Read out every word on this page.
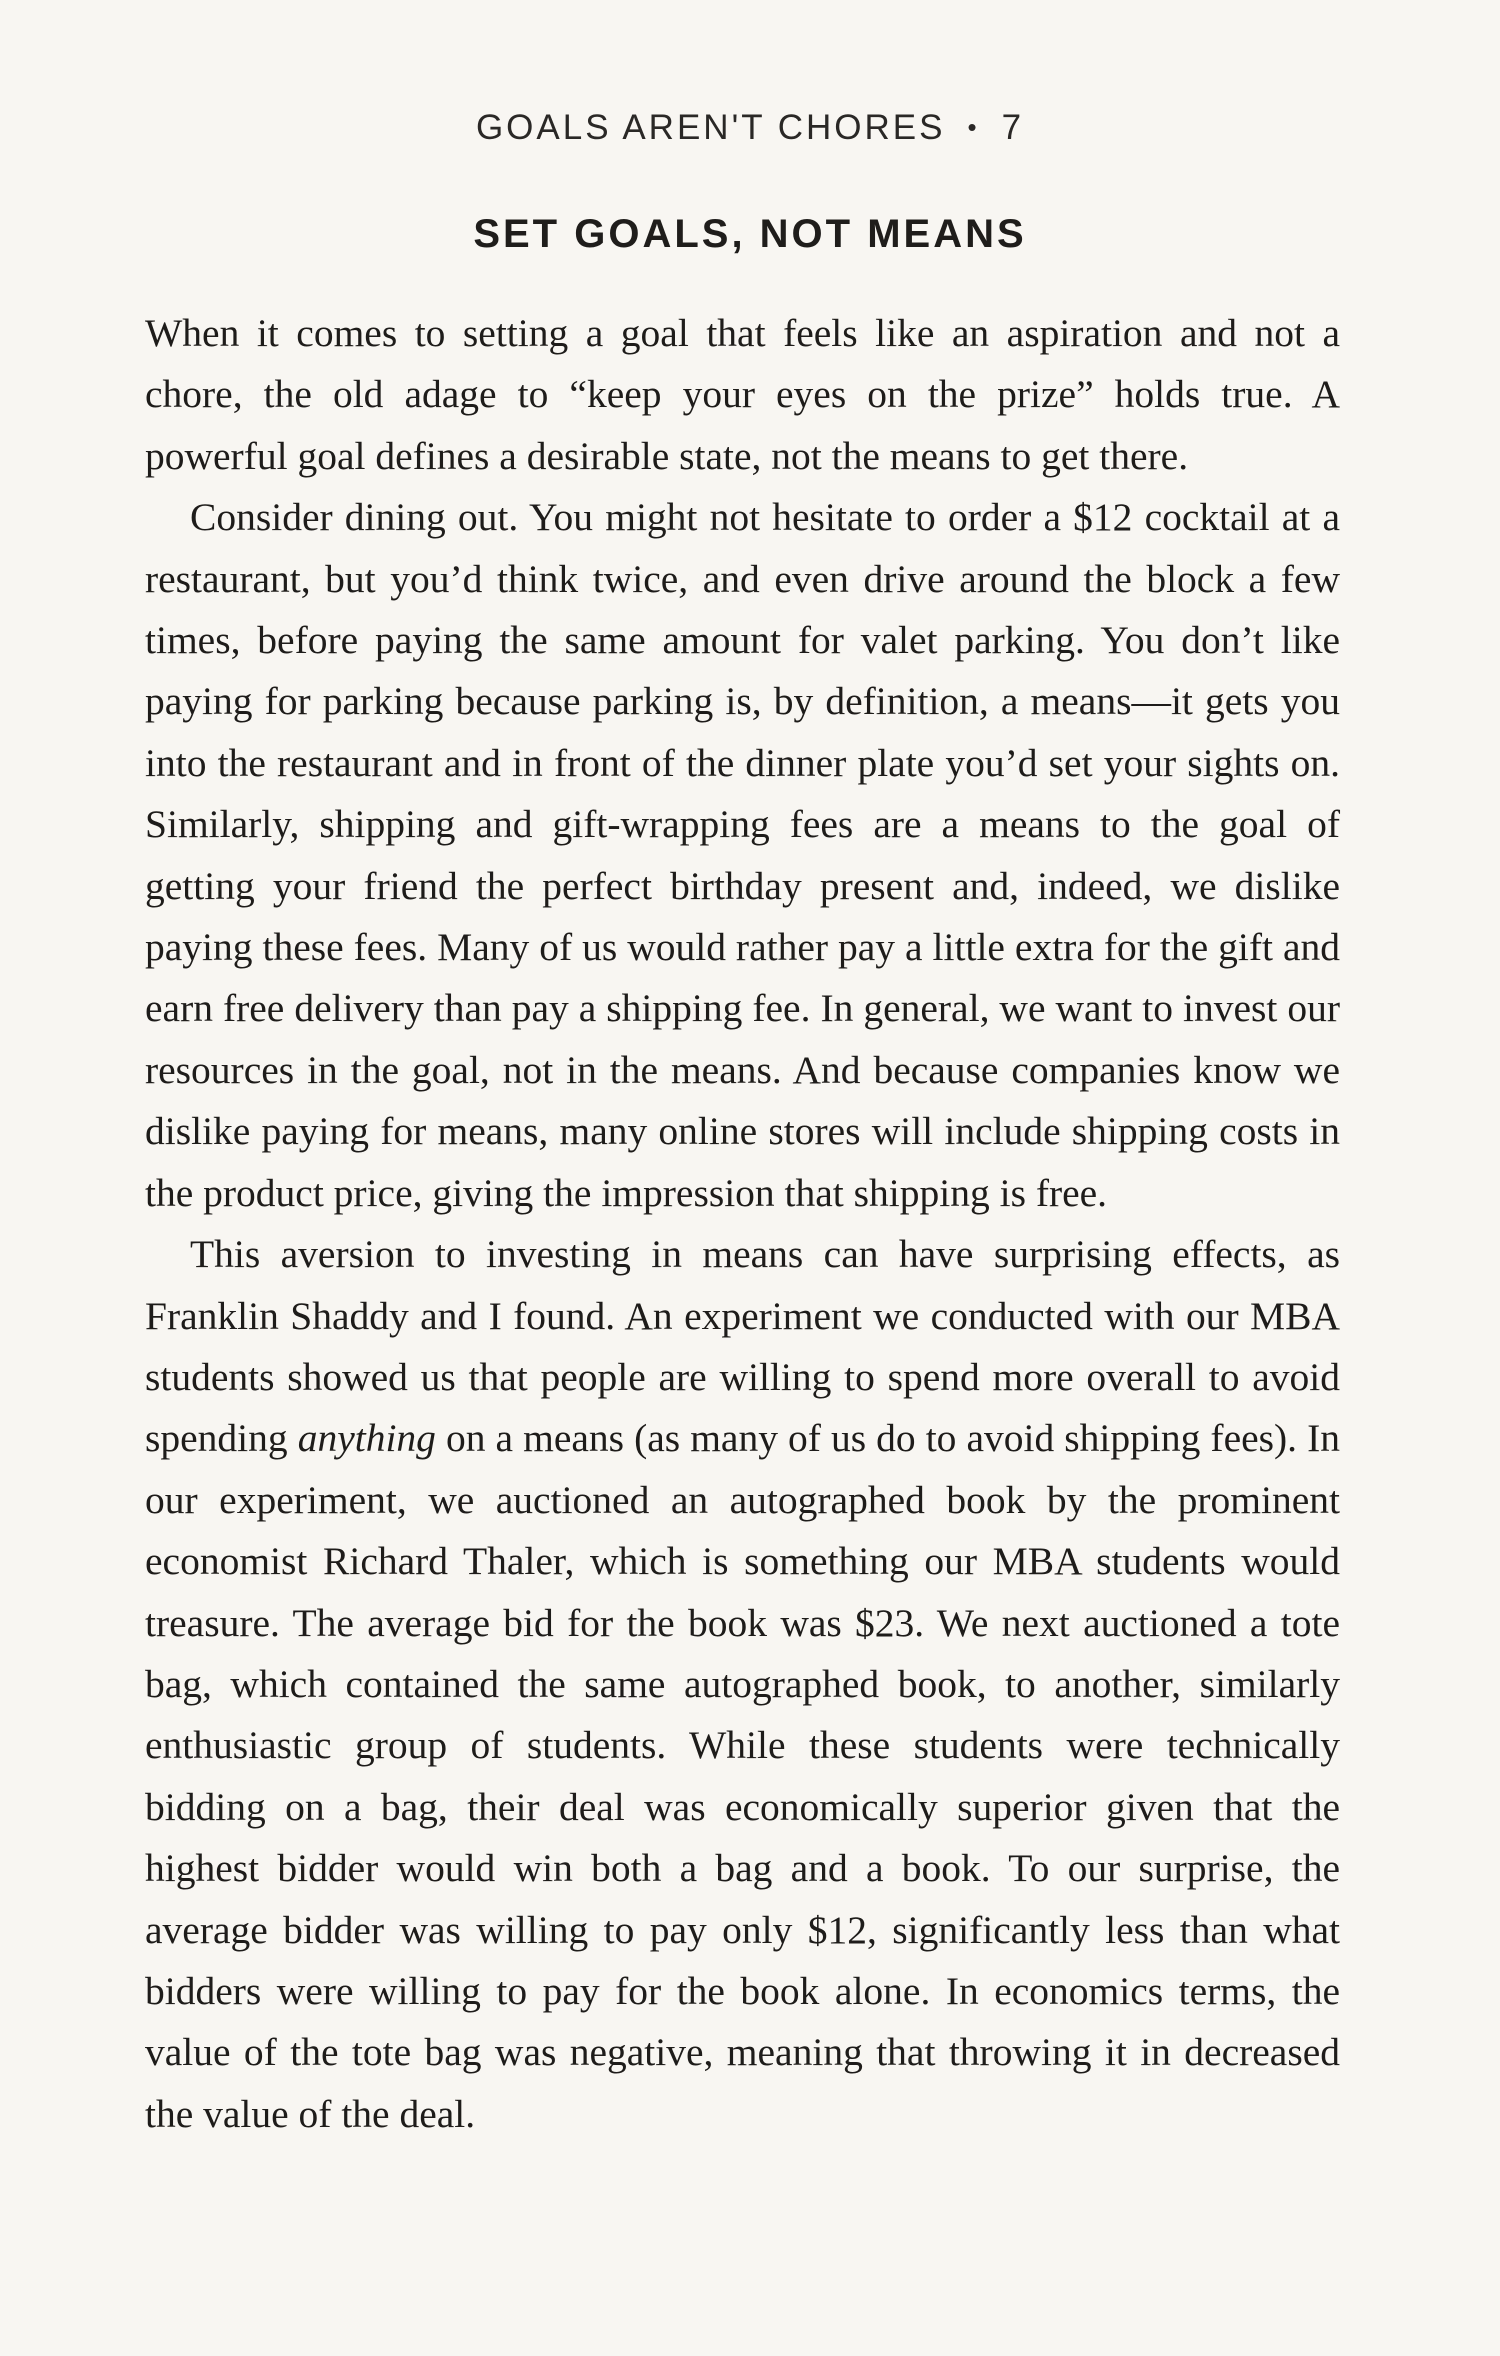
GOALS AREN'T CHORES • 7
SET GOALS, NOT MEANS

When it comes to setting a goal that feels like an aspiration and not a chore, the old adage to “keep your eyes on the prize” holds true. A powerful goal defines a desirable state, not the means to get there.

Consider dining out. You might not hesitate to order a $12 cocktail at a restaurant, but you’d think twice, and even drive around the block a few times, before paying the same amount for valet parking. You don’t like paying for parking because parking is, by definition, a means—it gets you into the restaurant and in front of the dinner plate you’d set your sights on. Similarly, shipping and gift-wrapping fees are a means to the goal of getting your friend the perfect birthday present and, indeed, we dislike paying these fees. Many of us would rather pay a little extra for the gift and earn free delivery than pay a shipping fee. In general, we want to invest our resources in the goal, not in the means. And because companies know we dislike paying for means, many online stores will include shipping costs in the product price, giving the impression that shipping is free.

This aversion to investing in means can have surprising effects, as Franklin Shaddy and I found. An experiment we conducted with our MBA students showed us that people are willing to spend more overall to avoid spending anything on a means (as many of us do to avoid shipping fees). In our experiment, we auctioned an autographed book by the prominent economist Richard Thaler, which is something our MBA students would treasure. The average bid for the book was $23. We next auctioned a tote bag, which contained the same autographed book, to another, similarly enthusiastic group of students. While these students were technically bidding on a bag, their deal was economically superior given that the highest bidder would win both a bag and a book. To our surprise, the average bidder was willing to pay only $12, significantly less than what bidders were willing to pay for the book alone. In economics terms, the value of the tote bag was negative, meaning that throwing it in decreased the value of the deal.
